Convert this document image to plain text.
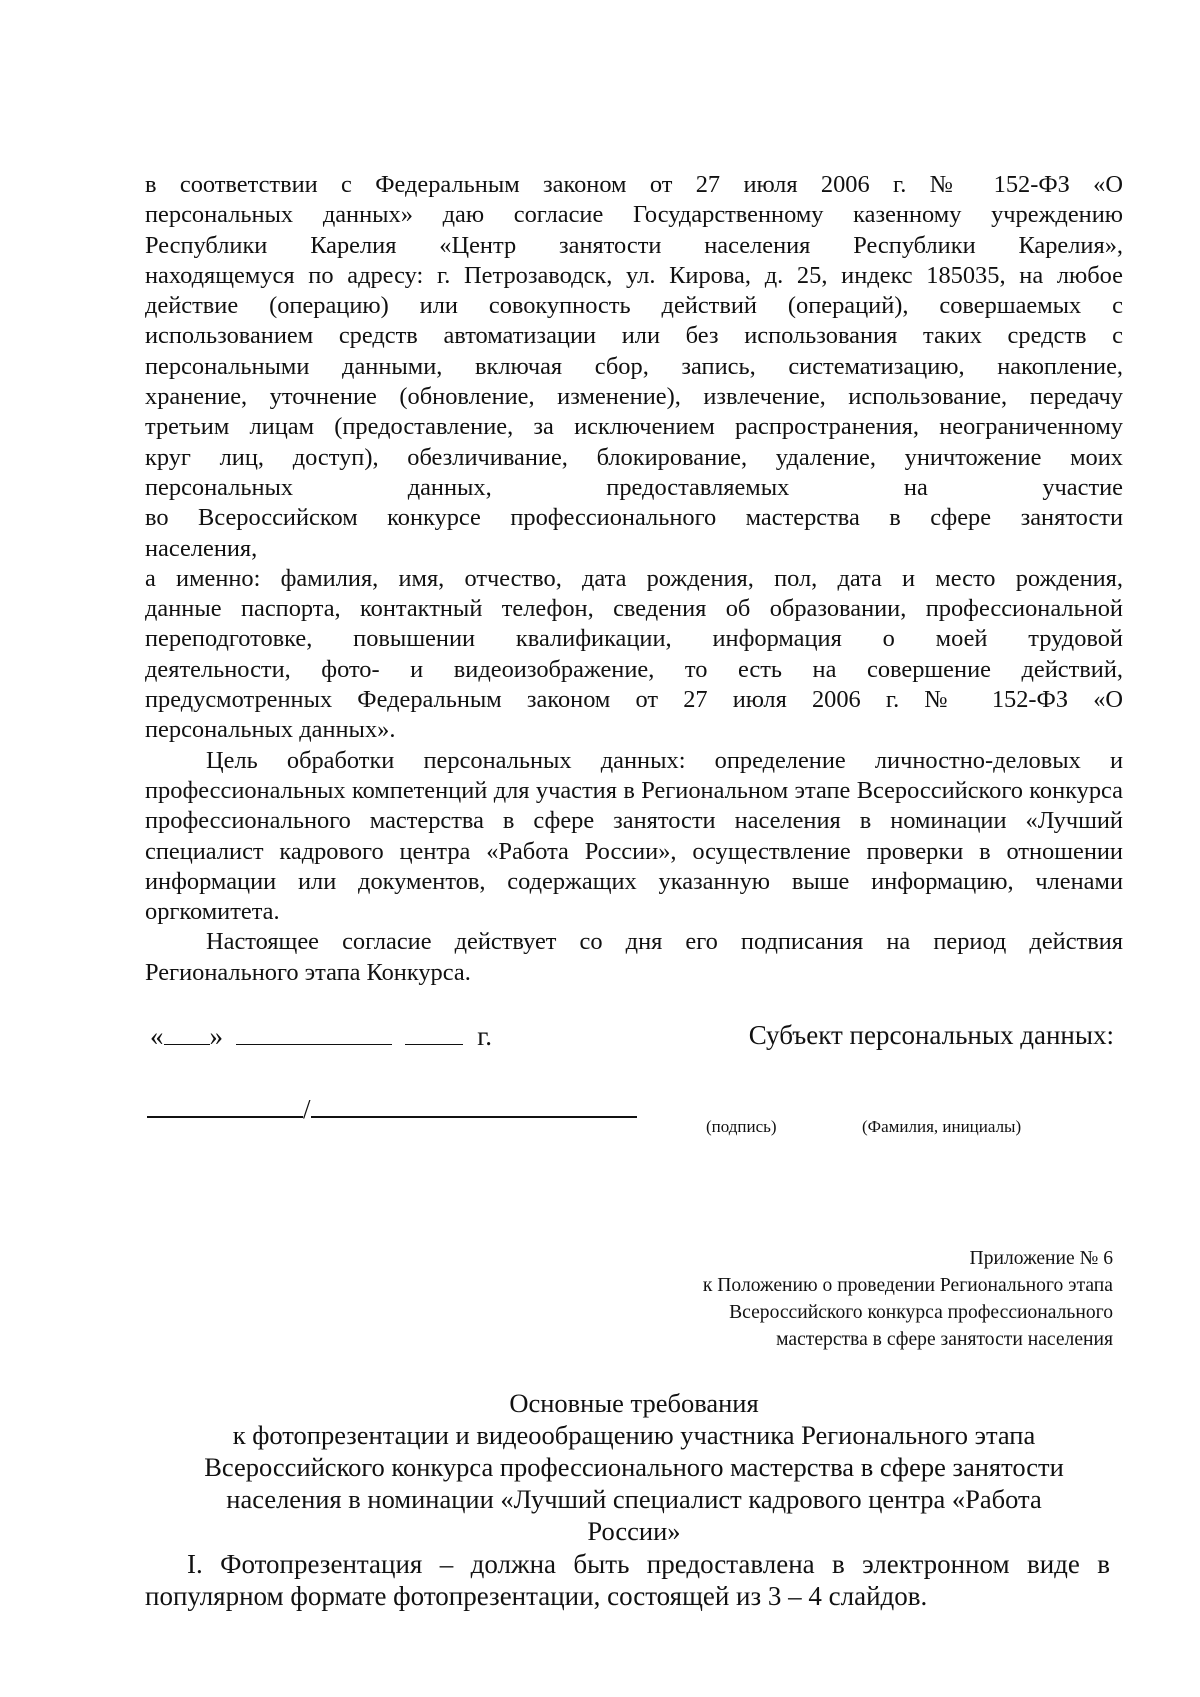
в соответствии с Федеральным законом от 27 июля 2006 г. № 152-ФЗ «О
персональных данных» даю согласие Государственному казенному учреждению
Республики Карелия «Центр занятости населения Республики Карелия»,
находящемуся по адресу: г. Петрозаводск, ул. Кирова, д. 25, индекс 185035, на любое
действие (операцию) или совокупность действий (операций), совершаемых с
использованием средств автоматизации или без использования таких средств с
персональными данными, включая сбор, запись, систематизацию, накопление,
хранение, уточнение (обновление, изменение), извлечение, использование, передачу
третьим лицам (предоставление, за исключением распространения, неограниченному
круг лиц, доступ), обезличивание, блокирование, удаление, уничтожение моих
персональных данных, предоставляемых на участие
во Всероссийском конкурсе профессионального мастерства в сфере занятости
населения,

а именно: фамилия, имя, отчество, дата рождения, пол, дата и место рождения,
данные паспорта, контактный телефон, сведения об образовании, профессиональной
переподготовке, повышении квалификации, информация о моей трудовой
деятельности, фото- и видеоизображение, то есть на совершение действий,
предусмотренных Федеральным законом от 27 июля 2006 г. № 152-ФЗ «О
персональных данных».

Цель обработки персональных данных: определение личностно-деловых и профессиональных компетенций для участия в Региональном этапе Всероссийского конкурса профессионального мастерства в сфере занятости населения в номинации «Лучший специалист кадрового центра «Работа России», осуществление проверки в отношении информации или документов, содержащих указанную выше информацию, членами оргкомитета.

Настоящее согласие действует со дня его подписания на период действия Регионального этапа Конкурса.

« »	г.	Субъект персональных данных:
/
(подпись)	(Фамилия, инициалы)
Приложение № 6
к Положению о проведении Регионального этапа
Всероссийского конкурса профессионального
мастерства в сфере занятости населения
Основные требования
к фотопрезентации и видеообращению участника Регионального этапа
Всероссийского конкурса профессионального мастерства в сфере занятости
населения в номинации «Лучший специалист кадрового центра «Работа
России»

I. Фотопрезентация – должна быть предоставлена в электронном виде в популярном формате фотопрезентации, состоящей из 3 – 4 слайдов.
